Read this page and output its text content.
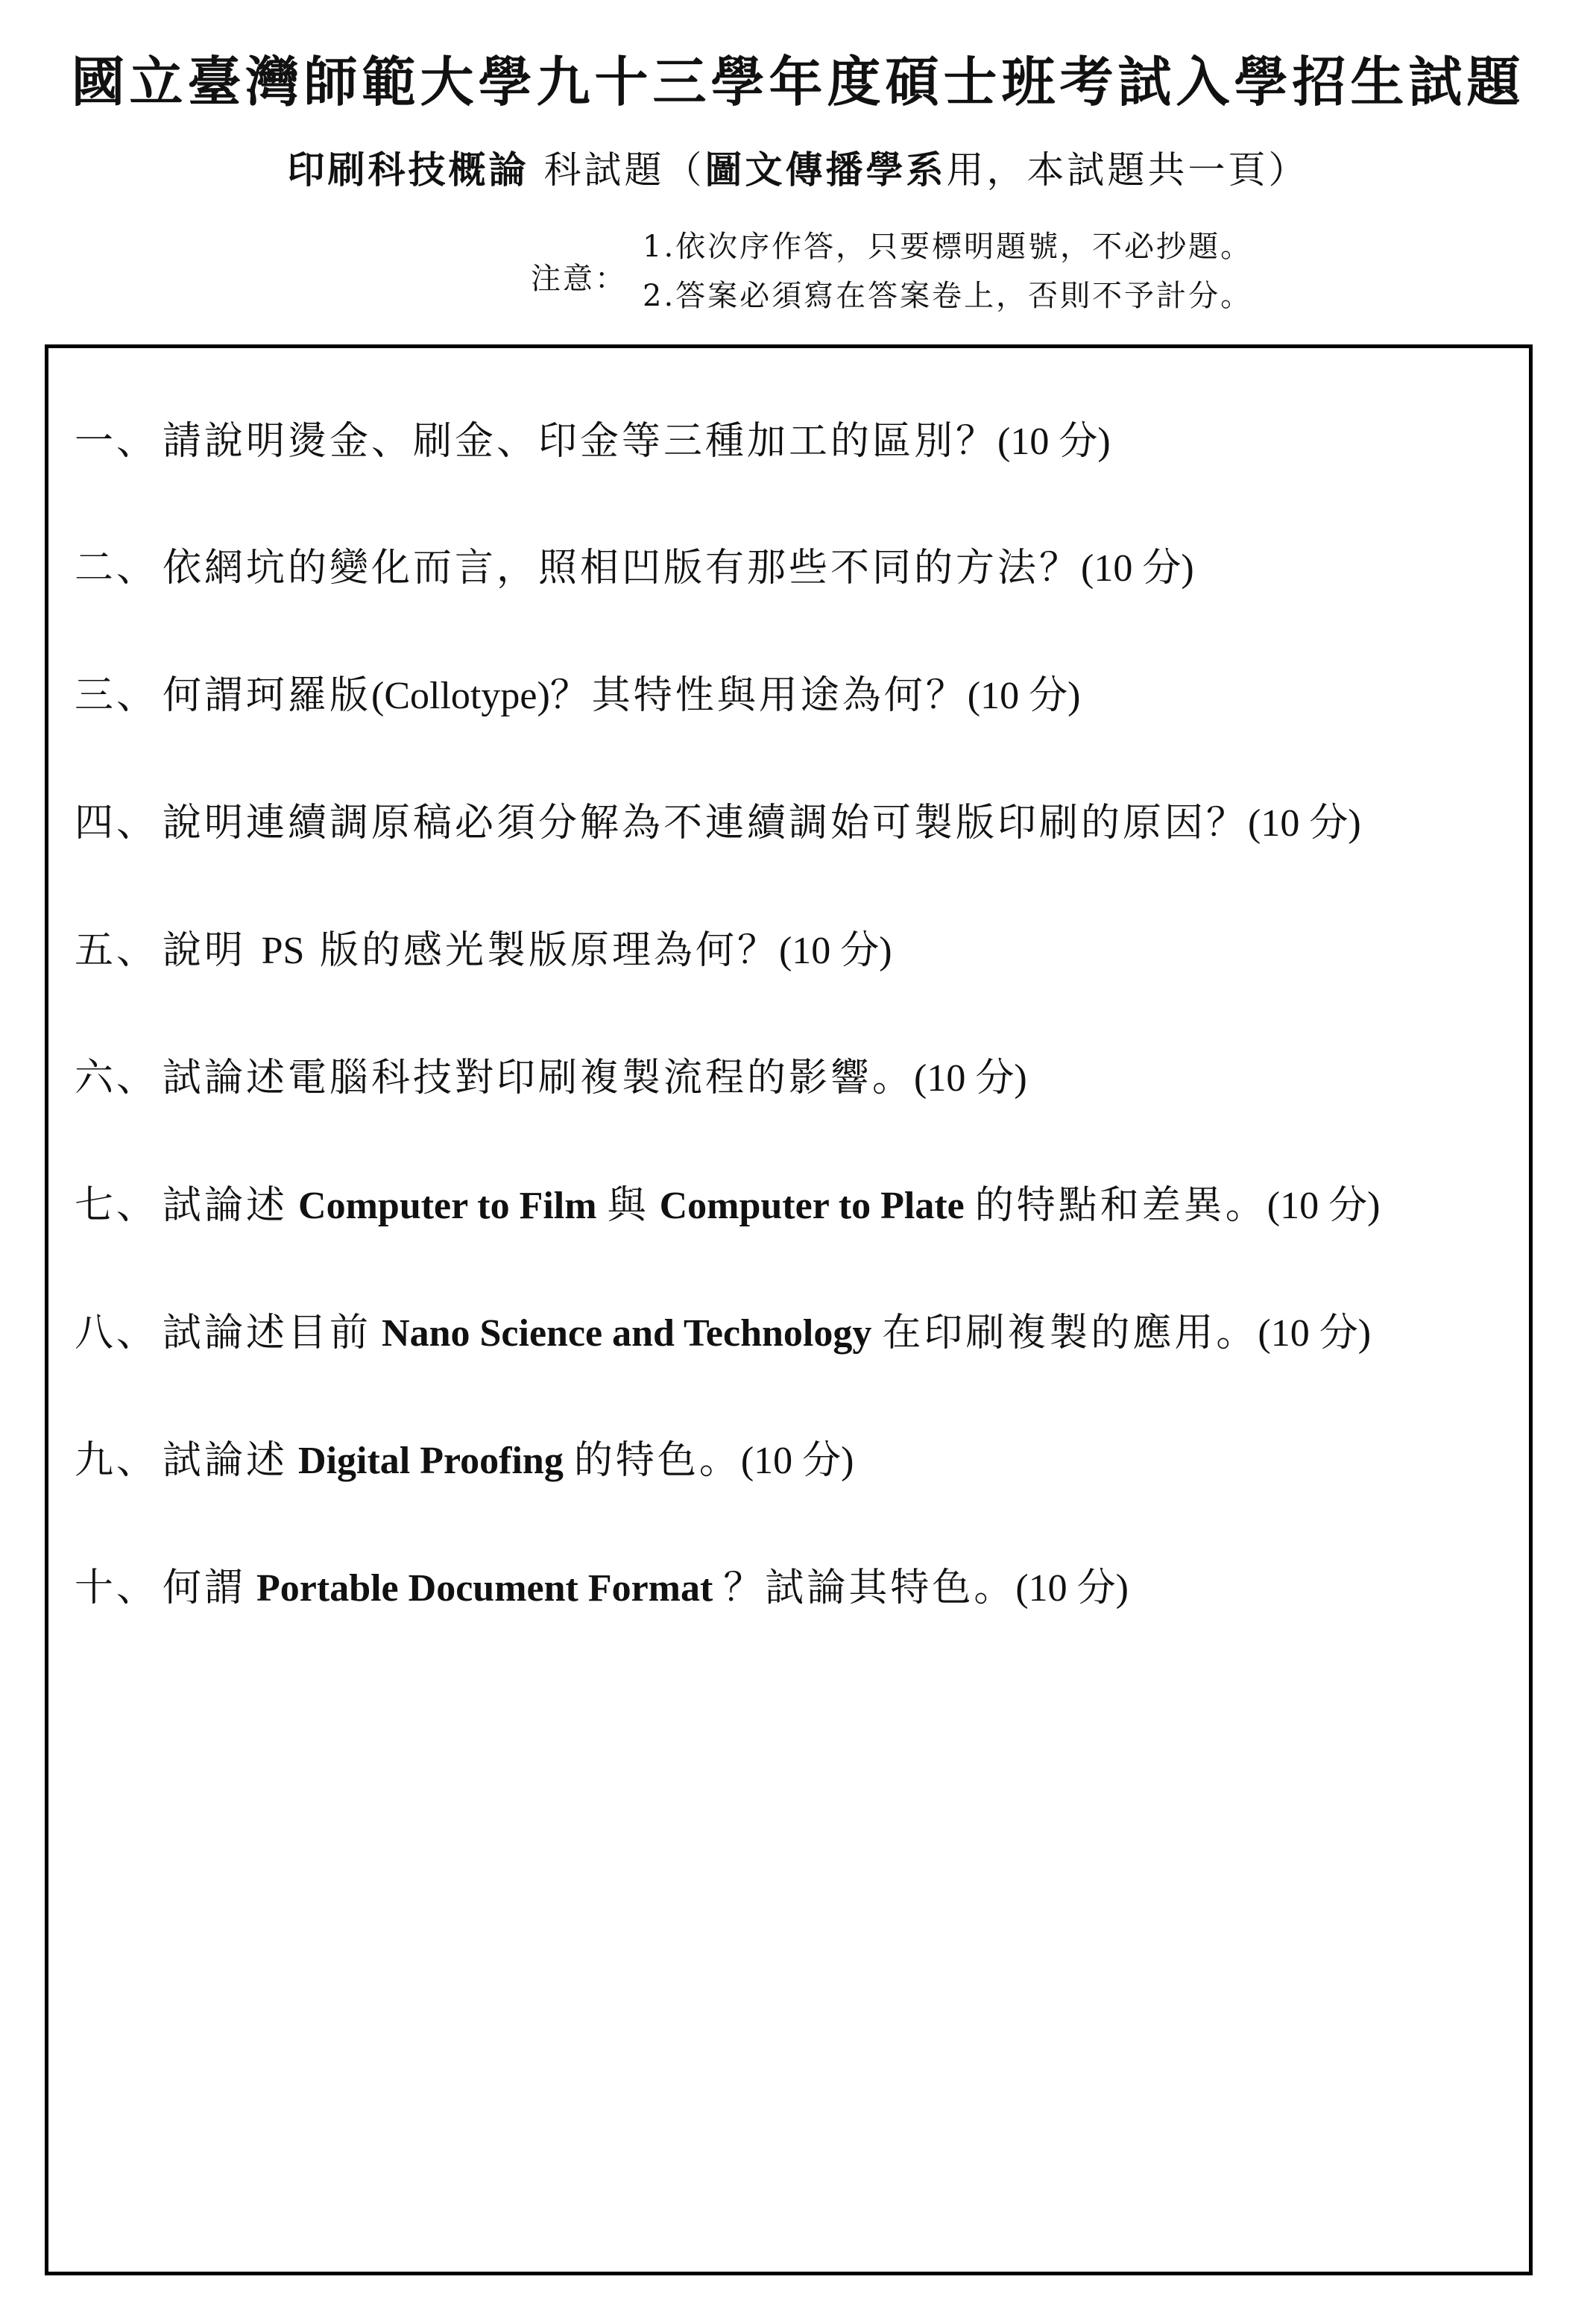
國立臺灣師範大學九十三學年度碩士班考試入學招生試題
印刷科技概論 科試題（圖文傳播學系用，本試題共一頁）
注意：
1.依次序作答，只要標明題號，不必抄題。
2.答案必須寫在答案卷上，否則不予計分。
一、 請說明燙金、刷金、印金等三種加工的區別？(10 分)
二、 依網坑的變化而言，照相凹版有那些不同的方法？(10 分)
三、 何謂珂羅版(Collotype)？其特性與用途為何？(10 分)
四、 說明連續調原稿必須分解為不連續調始可製版印刷的原因？(10 分)
五、 說明 PS 版的感光製版原理為何？(10 分)
六、 試論述電腦科技對印刷複製流程的影響。(10 分)
七、 試論述 Computer to Film 與 Computer to Plate 的特點和差異。(10 分)
八、 試論述目前 Nano Science and Technology 在印刷複製的應用。(10 分)
九、 試論述 Digital Proofing 的特色。(10 分)
十、 何謂 Portable Document Format ？試論其特色。(10 分)
